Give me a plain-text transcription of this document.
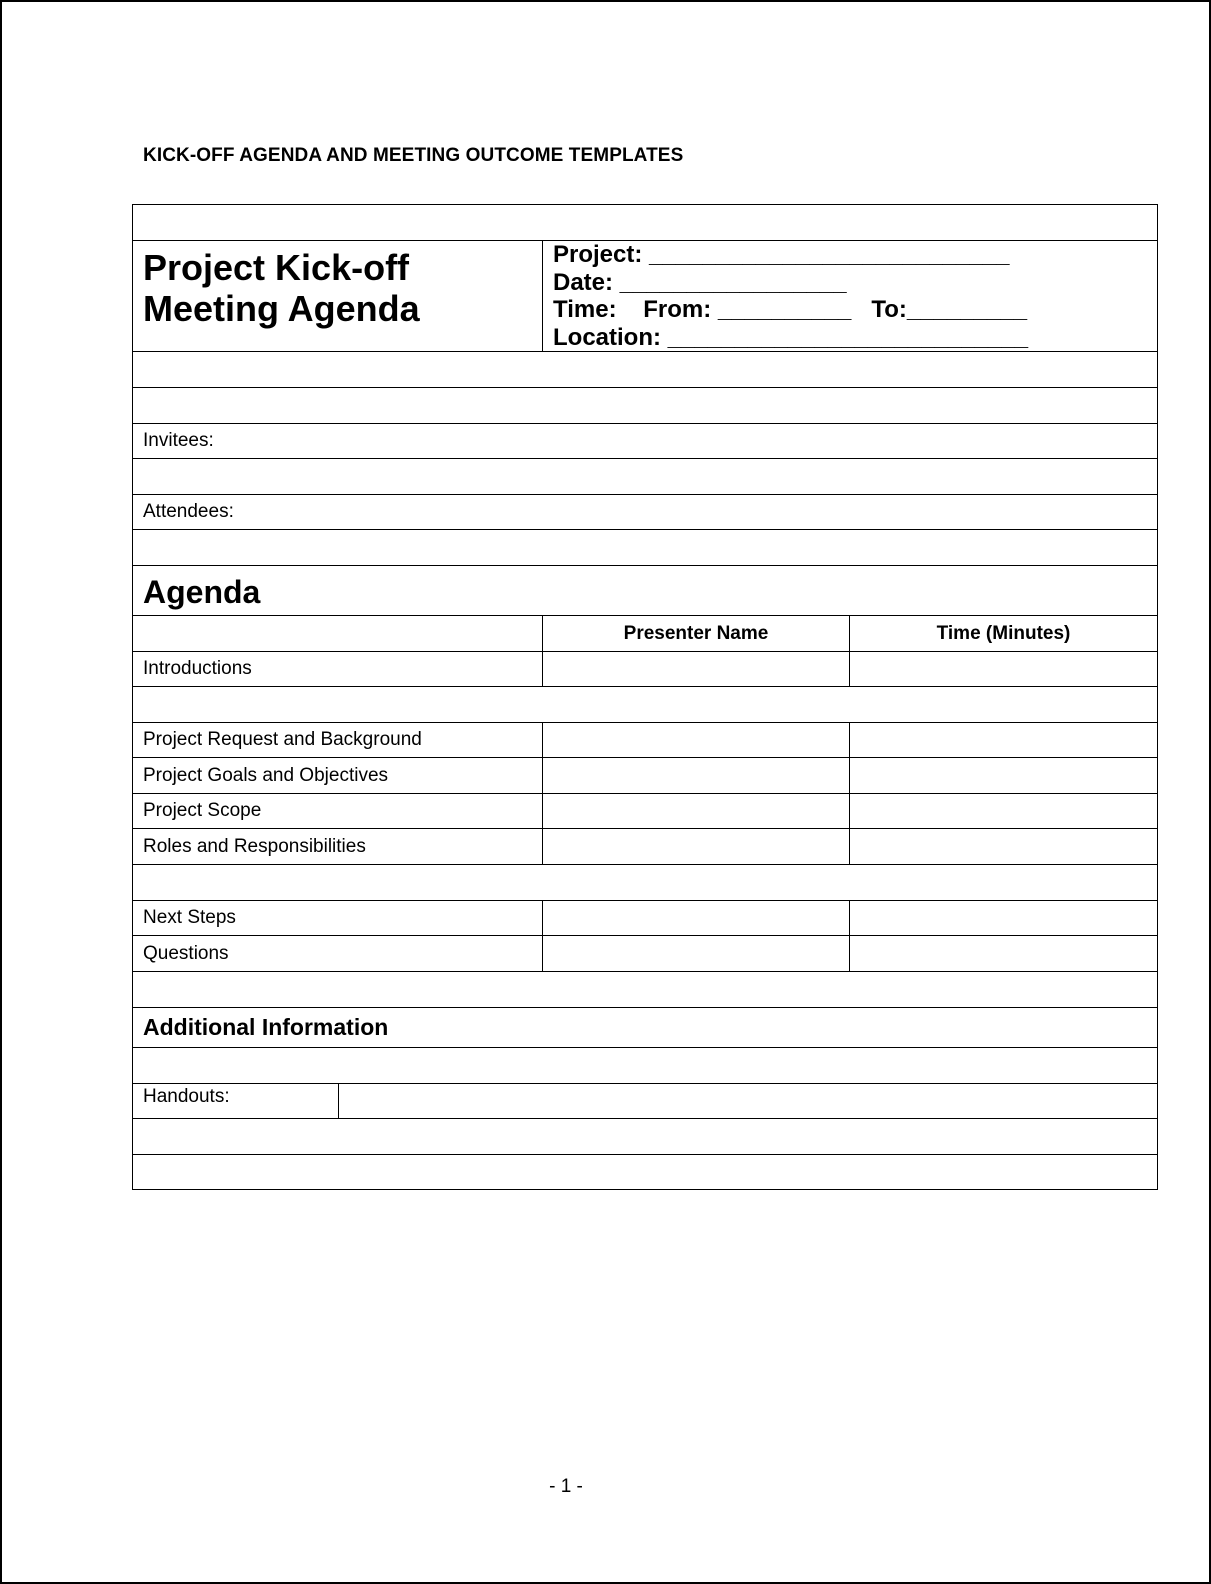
KICK-OFF AGENDA AND MEETING OUTCOME TEMPLATES
Project Kick-off
Meeting Agenda
Project: ___________________________
Date: _________________
Time:    From: __________   To:_________
Location: ___________________________
Invitees:
Attendees:
Agenda
Presenter Name	Time (Minutes)
Introductions
Project Request and Background
Project Goals and Objectives
Project Scope
Roles and Responsibilities
Next Steps
Questions
Additional Information
Handouts:
- 1 -
